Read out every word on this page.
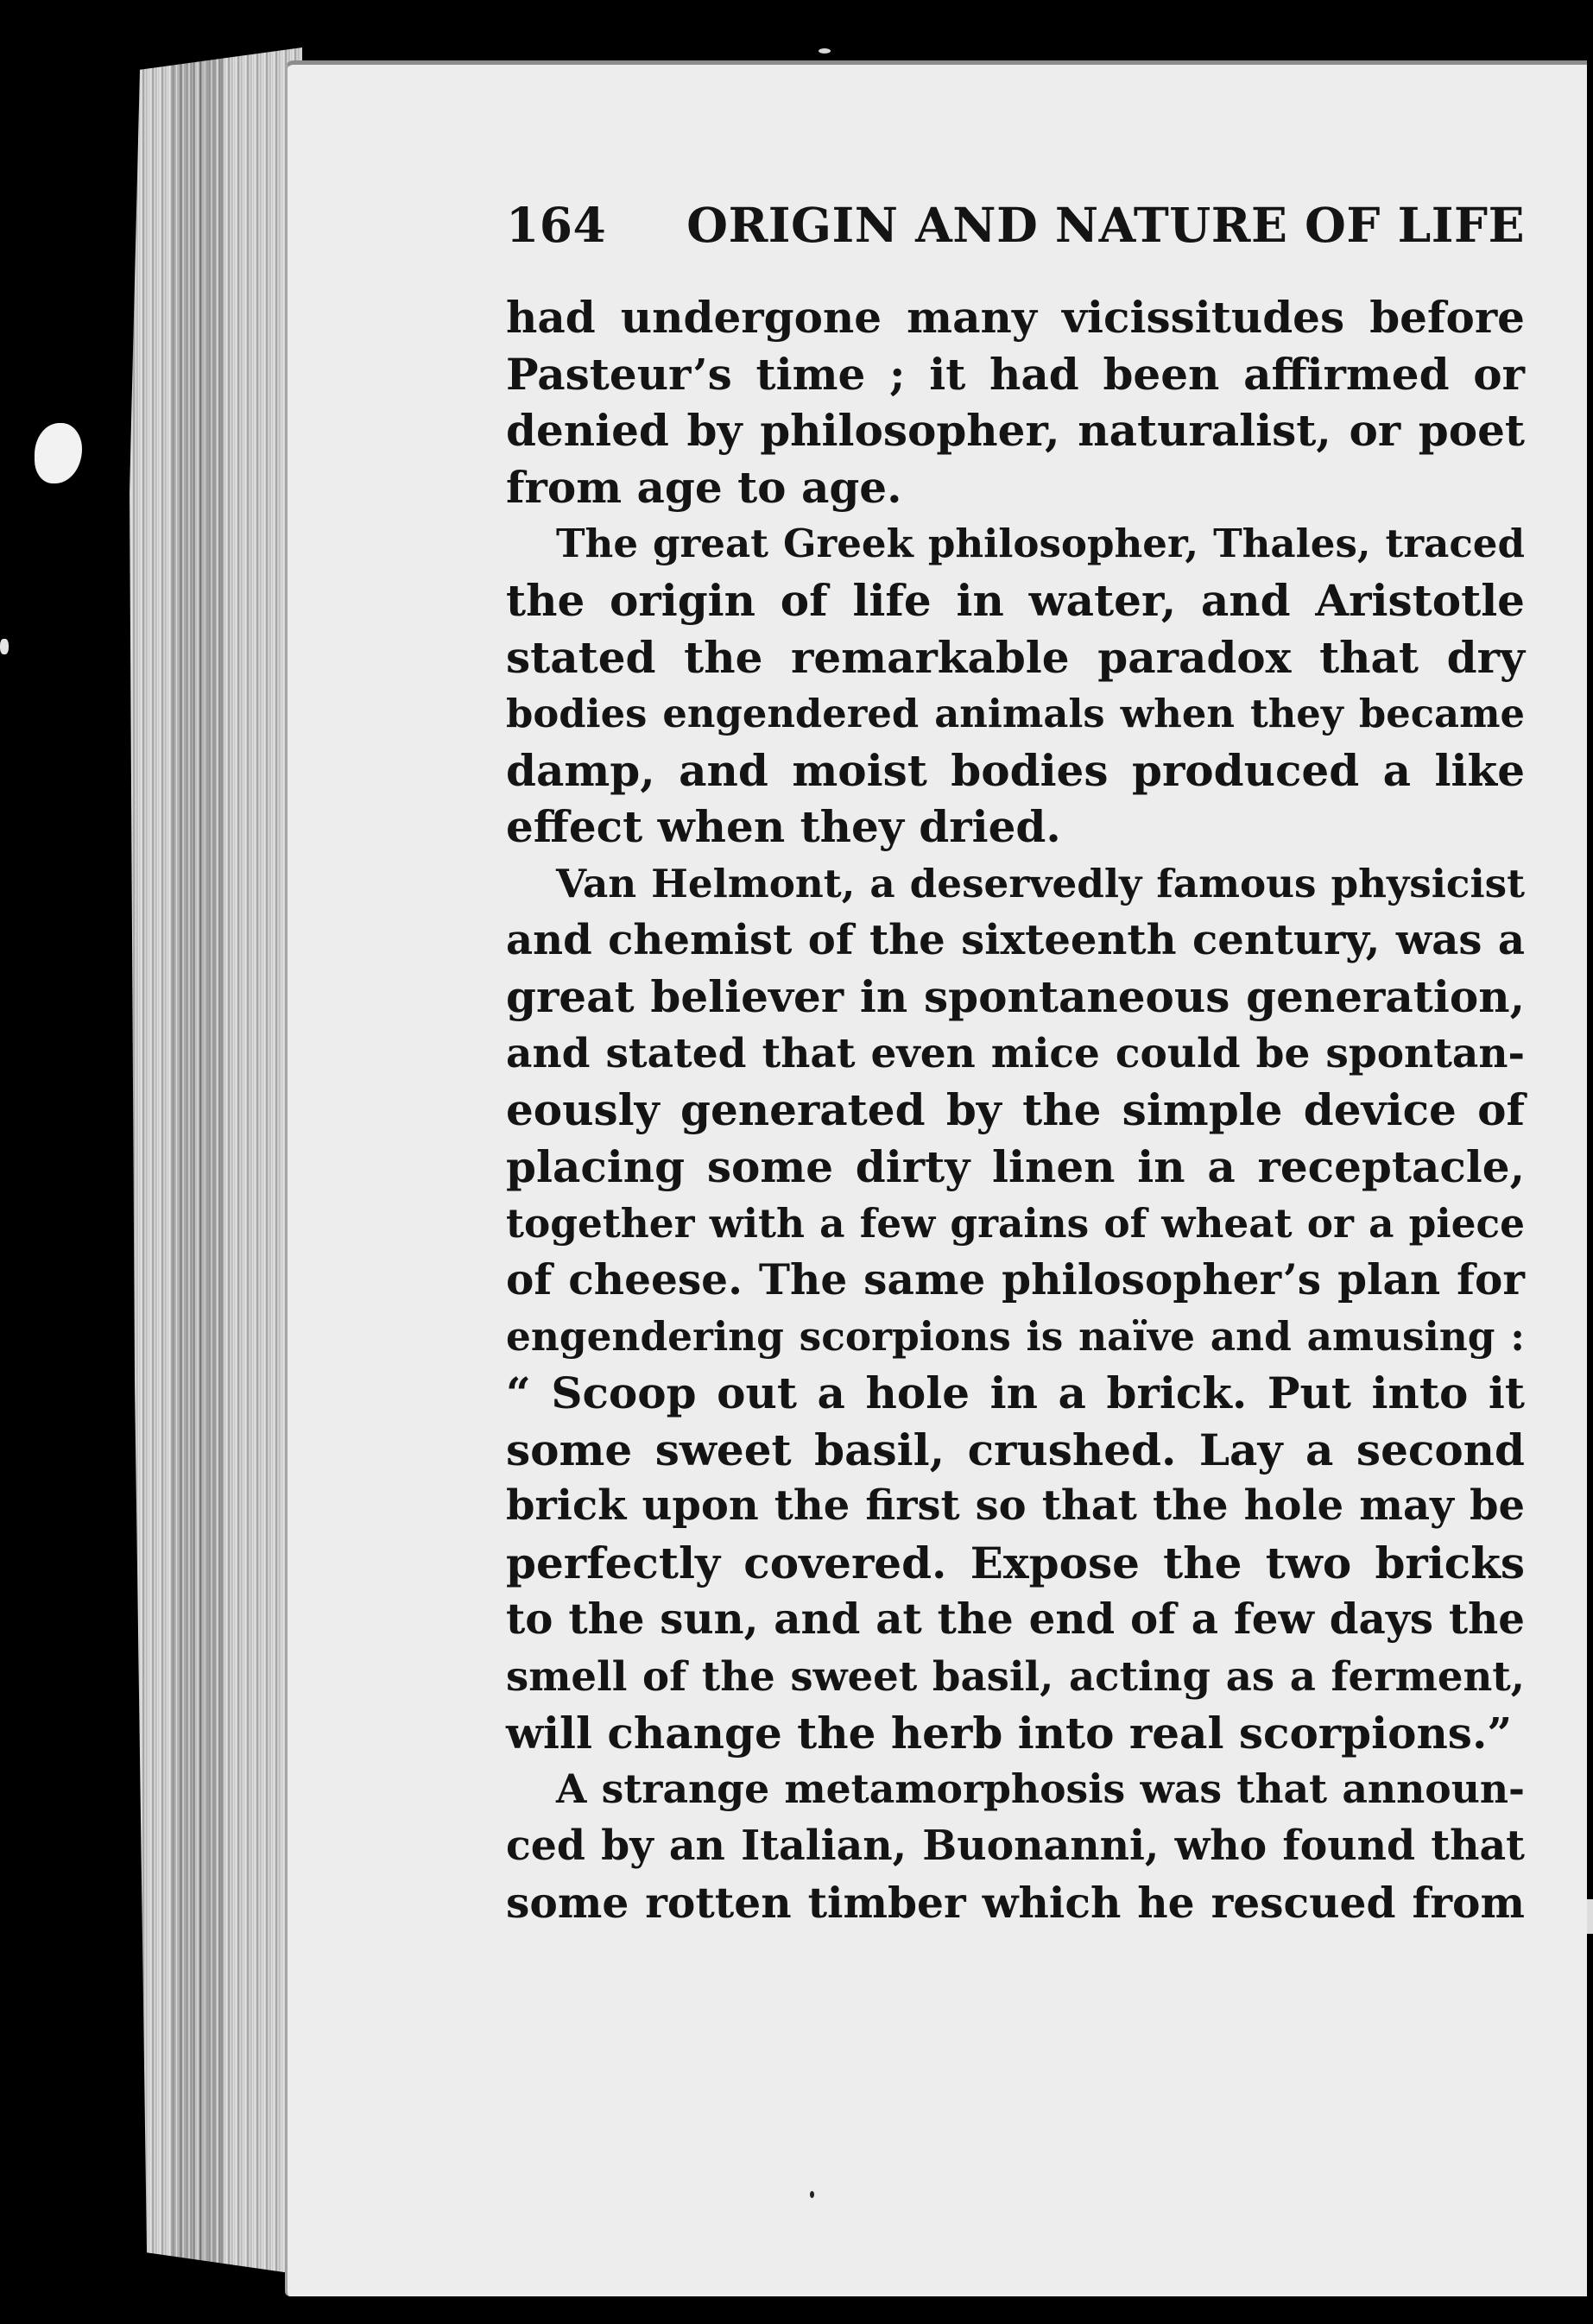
164 ORIGIN AND NATURE OF LIFE
had undergone many vicissitudes before
Pasteur’s time ; it had been affirmed or
denied by philosopher, naturalist, or poet
from age to age.
The great Greek philosopher, Thales, traced
the origin of life in water, and Aristotle
stated the remarkable paradox that dry
bodies engendered animals when they became
damp, and moist bodies produced a like
effect when they dried.
Van Helmont, a deservedly famous physicist
and chemist of the sixteenth century, was a
great believer in spontaneous generation,
and stated that even mice could be spontan-
eously generated by the simple device of
placing some dirty linen in a receptacle,
together with a few grains of wheat or a piece
of cheese. The same philosopher’s plan for
engendering scorpions is naïve and amusing :
“ Scoop out a hole in a brick. Put into it
some sweet basil, crushed. Lay a second
brick upon the first so that the hole may be
perfectly covered. Expose the two bricks
to the sun, and at the end of a few days the
smell of the sweet basil, acting as a ferment,
will change the herb into real scorpions.”
A strange metamorphosis was that announ-
ced by an Italian, Buonanni, who found that
some rotten timber which he rescued from
